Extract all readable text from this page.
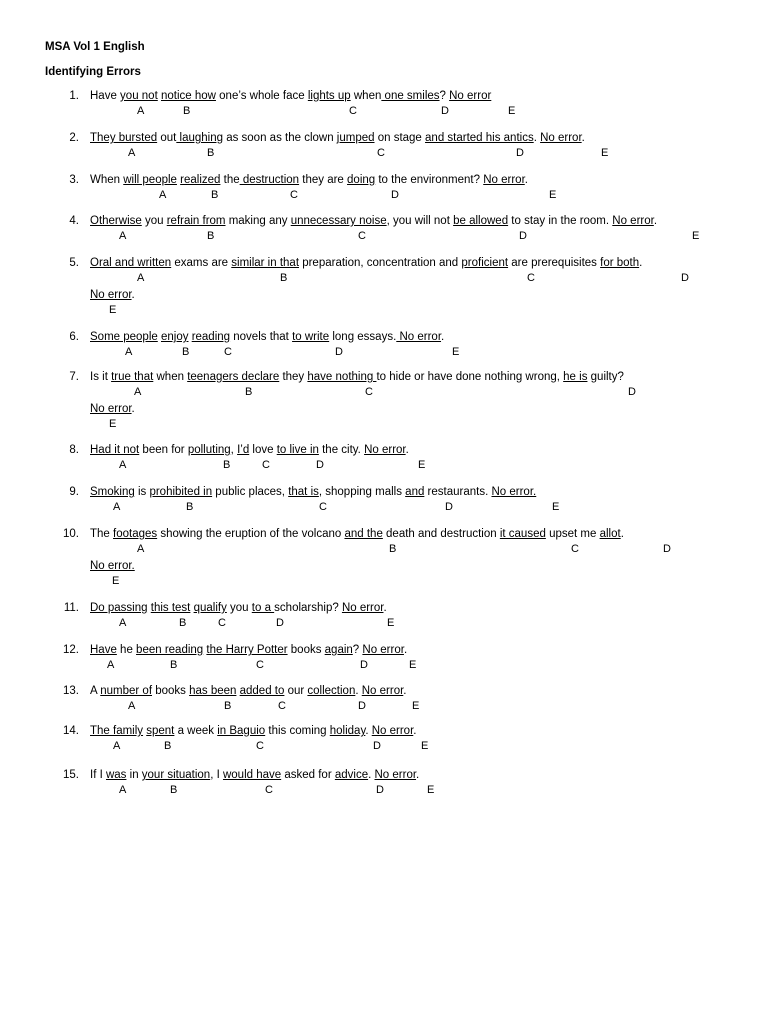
MSA Vol 1 English
Identifying Errors
1. Have you not notice how one’s whole face lights up when one smiles? No error
A	B	C	D	E
2. They bursted out laughing as soon as the clown jumped on stage and started his antics. No error.
A	B	C	D	E
3. When will people realized the destruction they are doing to the environment? No error.
A	B	C	D	E
4. Otherwise you refrain from making any unnecessary noise, you will not be allowed to stay in the room. No error.
A	B	C	D	E
5. Oral and written exams are similar in that preparation, concentration and proficient are prerequisites for both.
A	B	C	D
No error.
E
6. Some people enjoy reading novels that to write long essays. No error.
A	B	C	D	E
7. Is it true that when teenagers declare they have nothing to hide or have done nothing wrong, he is guilty?
A	B	C	D
No error.
E
8. Had it not been for polluting, I’d love to live in the city. No error.
A	B	C	D	E
9. Smoking is prohibited in public places, that is, shopping malls and restaurants. No error.
A	B	C	D	E
10. The footages showing the eruption of the volcano and the death and destruction it caused upset me allot.
A	B	C	D
No error.
E
11. Do passing this test qualify you to a scholarship? No error.
A	B	C	D	E
12. Have he been reading the Harry Potter books again? No error.
A	B	C	D	E
13. A number of books has been added to our collection. No error.
A	B	C	D	E
14. The family spent a week in Baguio this coming holiday. No error.
A	B	C	D	E
15. If I was in your situation, I would have asked for advice. No error.
A	B	C	D	E
